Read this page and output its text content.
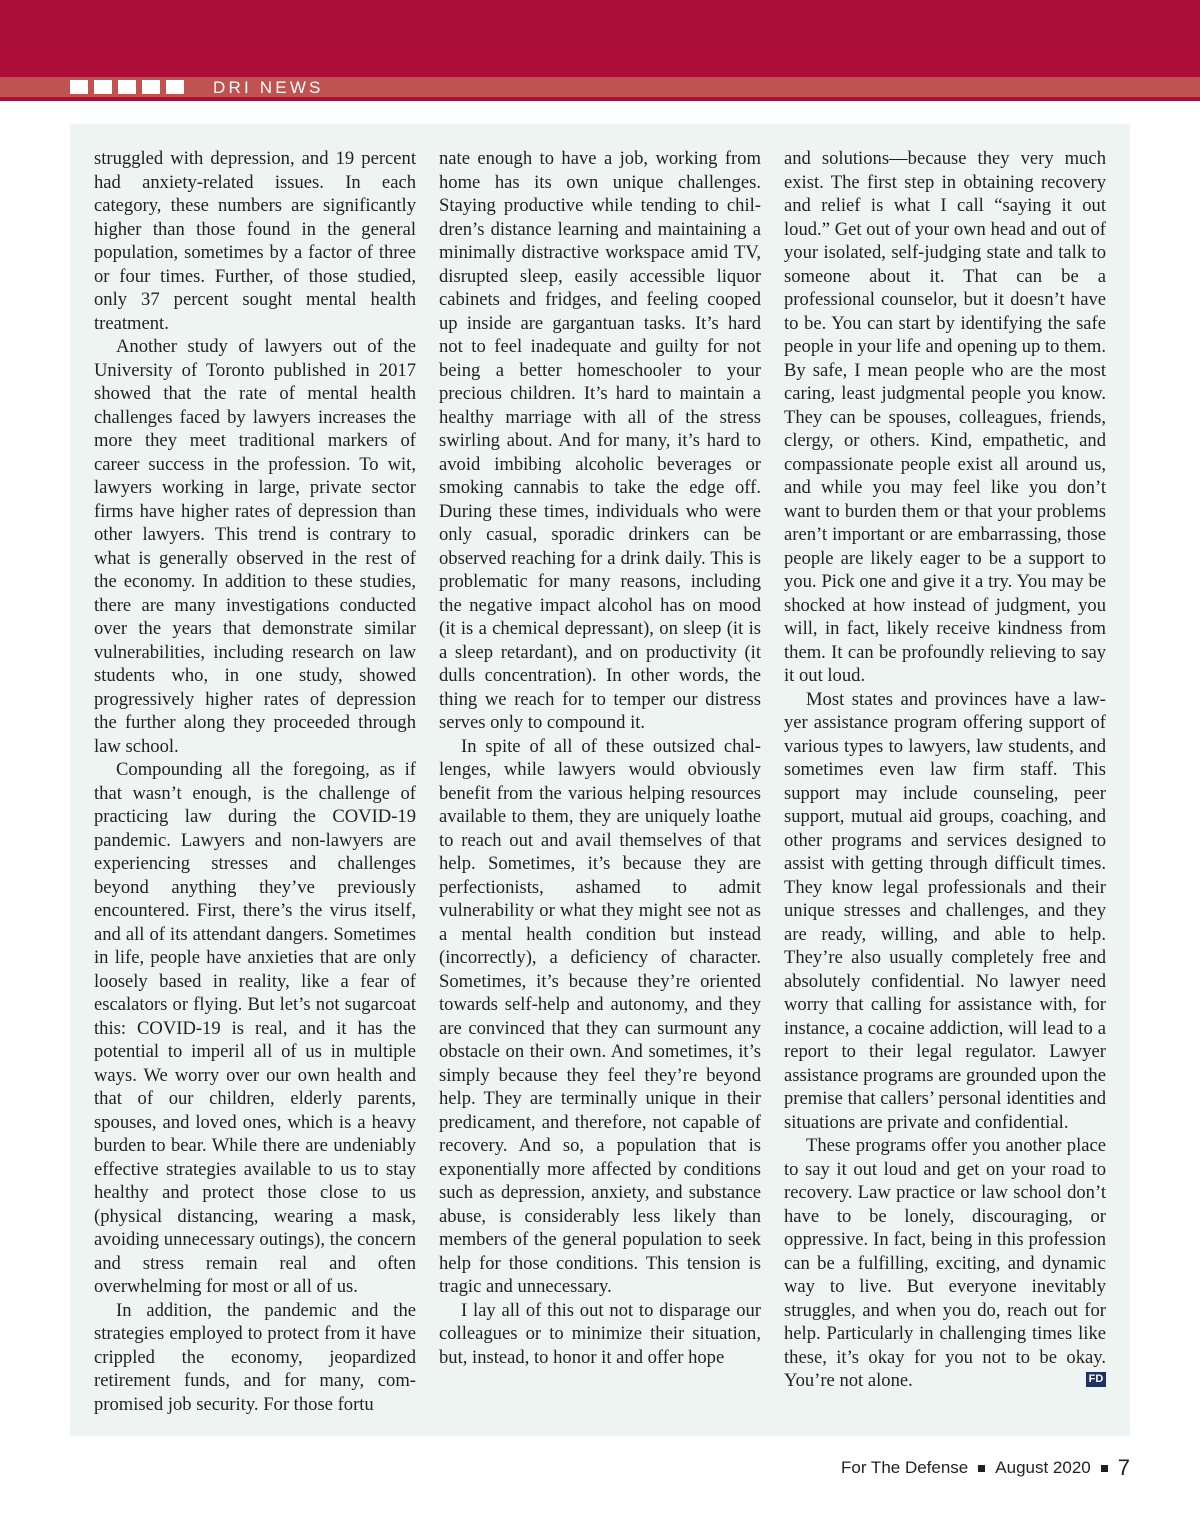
DRI NEWS

struggled with depression, and 19 percent had anxiety-related issues. In each category, these numbers are significantly higher than those found in the general population, sometimes by a factor of three or four times. Further, of those studied, only 37 percent sought mental health treatment.

Another study of lawyers out of the University of Toronto published in 2017 showed that the rate of mental health challenges faced by lawyers increases the more they meet traditional markers of career success in the profession. To wit, lawyers working in large, private sector firms have higher rates of depression than other lawyers. This trend is contrary to what is generally observed in the rest of the economy. In addition to these studies, there are many investigations conducted over the years that demonstrate similar vulnerabilities, including research on law students who, in one study, showed progressively higher rates of depression the further along they proceeded through law school.

Compounding all the foregoing, as if that wasn’t enough, is the challenge of practicing law during the COVID-19 pandemic. Lawyers and non-lawyers are experiencing stresses and challenges beyond anything they’ve previously encountered. First, there’s the virus itself, and all of its attendant dangers. Sometimes in life, people have anxieties that are only loosely based in reality, like a fear of escalators or flying. But let’s not sugarcoat this: COVID-19 is real, and it has the potential to imperil all of us in multiple ways. We worry over our own health and that of our children, elderly parents, spouses, and loved ones, which is a heavy burden to bear. While there are undeniably effective strategies available to us to stay healthy and protect those close to us (physical distancing, wearing a mask, avoiding unnecessary outings), the concern and stress remain real and often overwhelming for most or all of us.

In addition, the pandemic and the strategies employed to protect from it have crippled the economy, jeopardized retirement funds, and for many, compromised job security. For those fortu

nate enough to have a job, working from home has its own unique challenges. Staying productive while tending to children’s distance learning and maintaining a minimally distractive workspace amid TV, disrupted sleep, easily accessible liquor cabinets and fridges, and feeling cooped up inside are gargantuan tasks. It’s hard not to feel inadequate and guilty for not being a better homeschooler to your precious children. It’s hard to maintain a healthy marriage with all of the stress swirling about. And for many, it’s hard to avoid imbibing alcoholic beverages or smoking cannabis to take the edge off. During these times, individuals who were only casual, sporadic drinkers can be observed reaching for a drink daily. This is problematic for many reasons, including the negative impact alcohol has on mood (it is a chemical depressant), on sleep (it is a sleep retardant), and on productivity (it dulls concentration). In other words, the thing we reach for to temper our distress serves only to compound it.

In spite of all of these outsized challenges, while lawyers would obviously benefit from the various helping resources available to them, they are uniquely loathe to reach out and avail themselves of that help. Sometimes, it’s because they are perfectionists, ashamed to admit vulnerability or what they might see not as a mental health condition but instead (incorrectly), a deficiency of character. Sometimes, it’s because they’re oriented towards self-help and autonomy, and they are convinced that they can surmount any obstacle on their own. And sometimes, it’s simply because they feel they’re beyond help. They are terminally unique in their predicament, and therefore, not capable of recovery. And so, a population that is exponentially more affected by conditions such as depression, anxiety, and substance abuse, is considerably less likely than members of the general population to seek help for those conditions. This tension is tragic and unnecessary.

I lay all of this out not to disparage our colleagues or to minimize their situation, but, instead, to honor it and offer hope

and solutions—because they very much exist. The first step in obtaining recovery and relief is what I call “saying it out loud.” Get out of your own head and out of your isolated, self-judging state and talk to someone about it. That can be a professional counselor, but it doesn’t have to be. You can start by identifying the safe people in your life and opening up to them. By safe, I mean people who are the most caring, least judgmental people you know. They can be spouses, colleagues, friends, clergy, or others. Kind, empathetic, and compassionate people exist all around us, and while you may feel like you don’t want to burden them or that your problems aren’t important or are embarrassing, those people are likely eager to be a support to you. Pick one and give it a try. You may be shocked at how instead of judgment, you will, in fact, likely receive kindness from them. It can be profoundly relieving to say it out loud.

Most states and provinces have a lawyer assistance program offering support of various types to lawyers, law students, and sometimes even law firm staff. This support may include counseling, peer support, mutual aid groups, coaching, and other programs and services designed to assist with getting through difficult times. They know legal professionals and their unique stresses and challenges, and they are ready, willing, and able to help. They’re also usually completely free and absolutely confidential. No lawyer need worry that calling for assistance with, for instance, a cocaine addiction, will lead to a report to their legal regulator. Lawyer assistance programs are grounded upon the premise that callers’ personal identities and situations are private and confidential.

These programs offer you another place to say it out loud and get on your road to recovery. Law practice or law school don’t have to be lonely, discouraging, or oppressive. In fact, being in this profession can be a fulfilling, exciting, and dynamic way to live. But everyone inevitably struggles, and when you do, reach out for help. Particularly in challenging times like these, it’s okay for you not to be okay. You’re not alone.	FD

For The Defense August 2020 7
